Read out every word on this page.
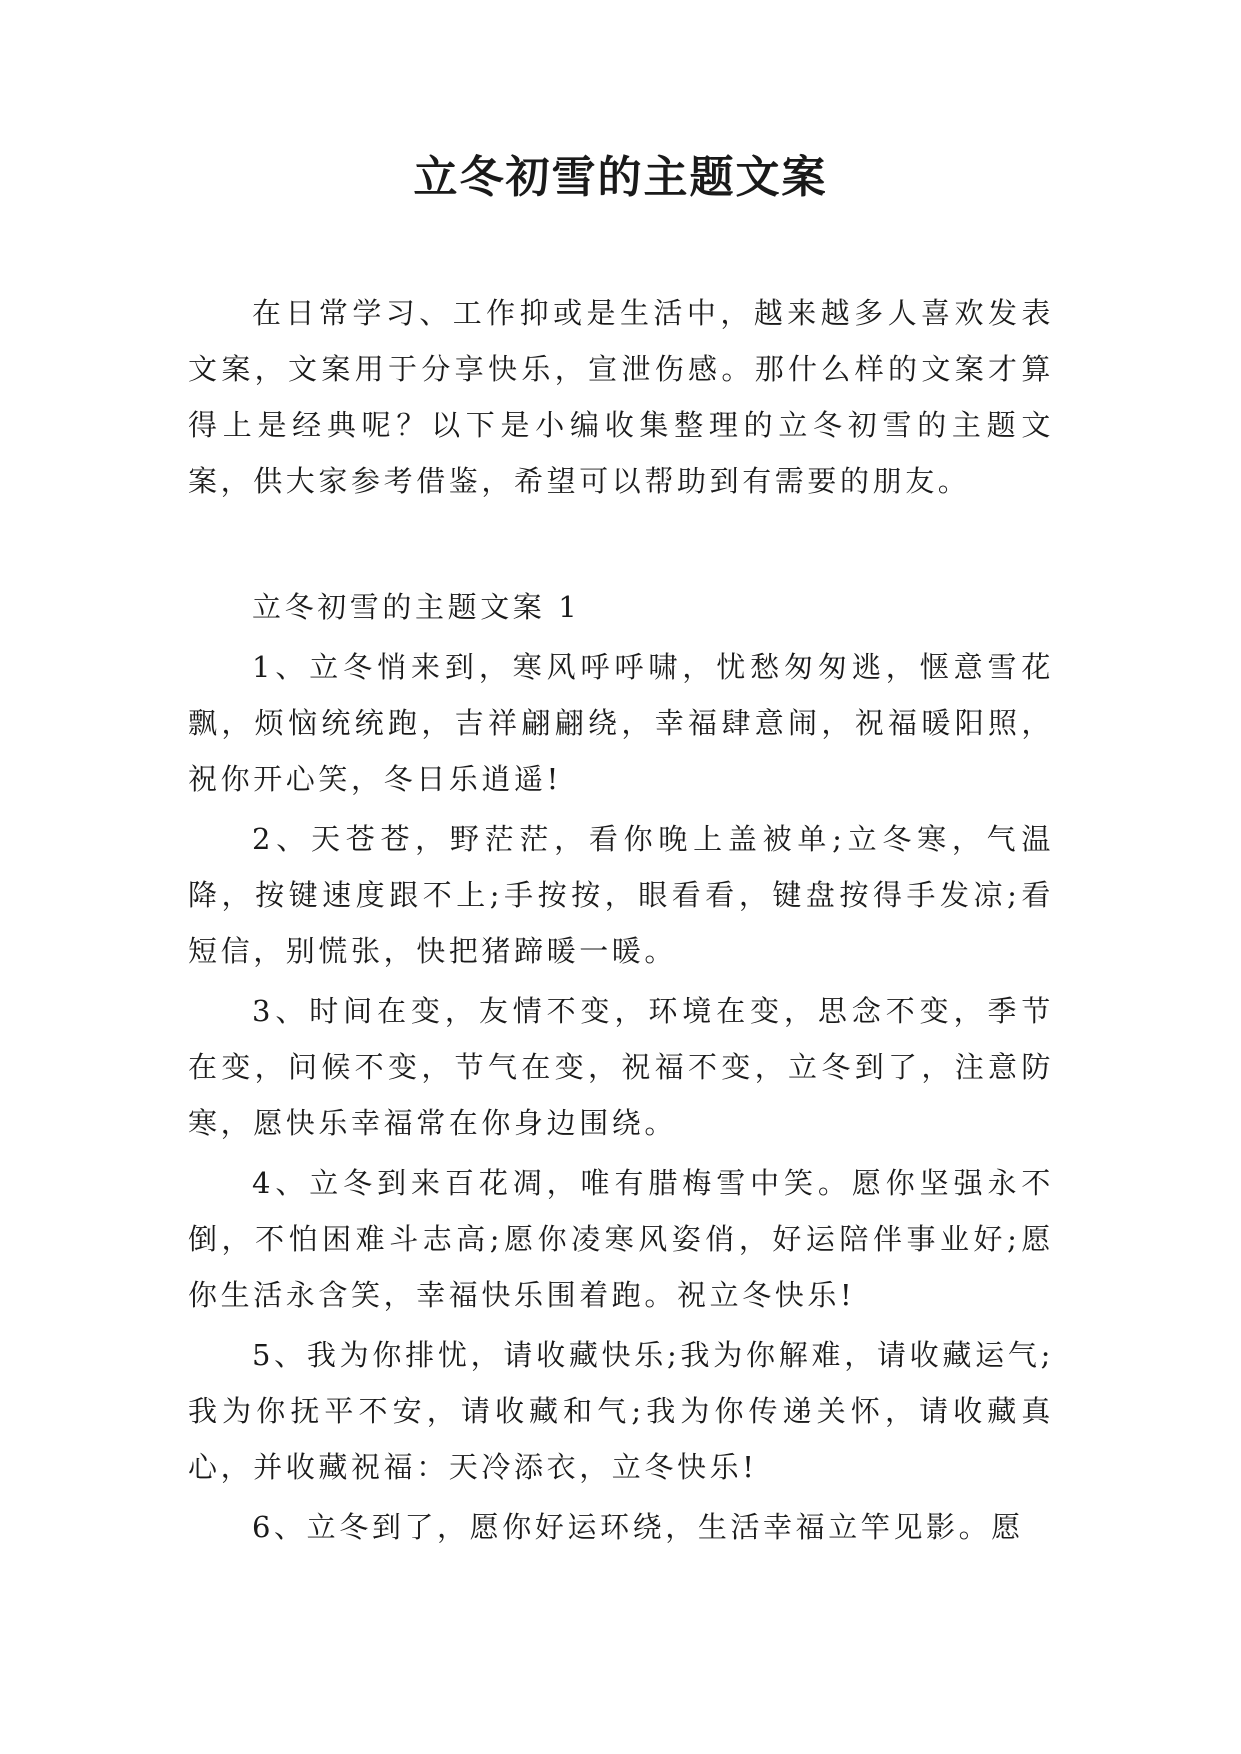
立冬初雪的主题文案

在日常学习、工作抑或是生活中，越来越多人喜欢发表文案，文案用于分享快乐，宣泄伤感。那什么样的文案才算得上是经典呢？以下是小编收集整理的立冬初雪的主题文案，供大家参考借鉴，希望可以帮助到有需要的朋友。

立冬初雪的主题文案 1

1、立冬悄来到，寒风呼呼啸，忧愁匆匆逃，惬意雪花飘，烦恼统统跑，吉祥翩翩绕，幸福肆意闹，祝福暖阳照，祝你开心笑，冬日乐逍遥!

2、天苍苍，野茫茫，看你晚上盖被单;立冬寒，气温降，按键速度跟不上;手按按，眼看看，键盘按得手发凉;看短信，别慌张，快把猪蹄暖一暖。

3、时间在变，友情不变，环境在变，思念不变，季节在变，问候不变，节气在变，祝福不变，立冬到了，注意防寒，愿快乐幸福常在你身边围绕。

4、立冬到来百花凋，唯有腊梅雪中笑。愿你坚强永不倒，不怕困难斗志高;愿你凌寒风姿俏，好运陪伴事业好;愿你生活永含笑，幸福快乐围着跑。祝立冬快乐!

5、我为你排忧，请收藏快乐;我为你解难，请收藏运气;我为你抚平不安，请收藏和气;我为你传递关怀，请收藏真心，并收藏祝福：天冷添衣，立冬快乐!

6、立冬到了，愿你好运环绕，生活幸福立竿见影。愿
